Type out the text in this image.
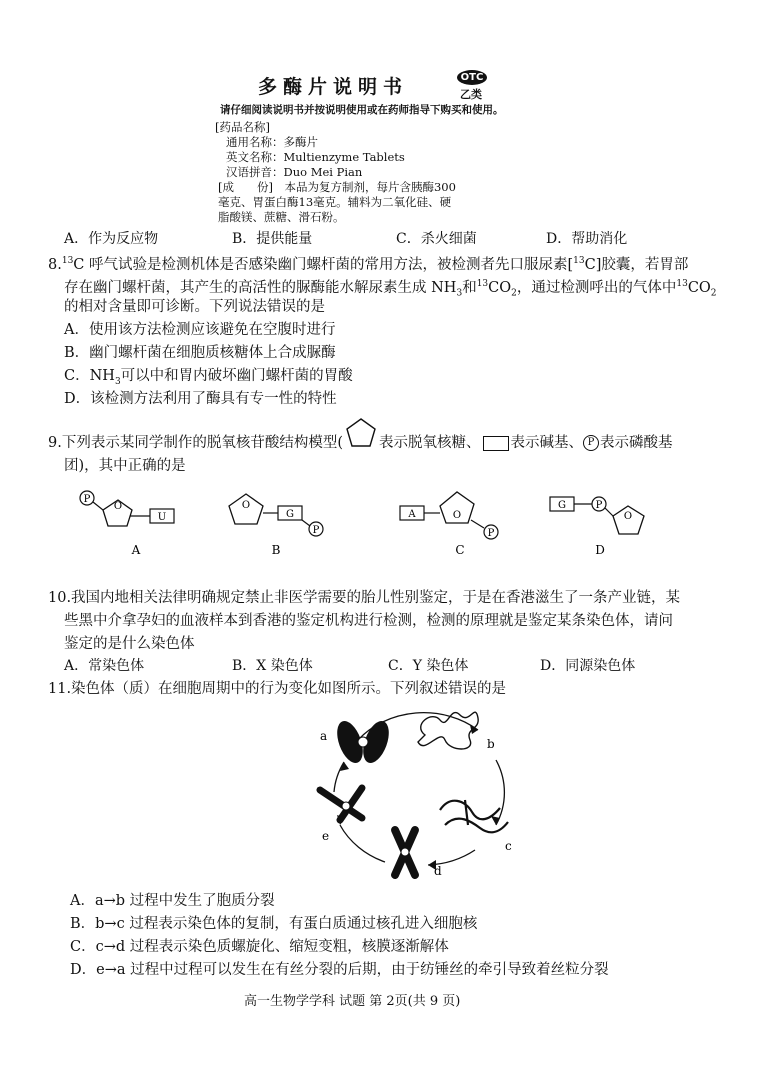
多酶片说明书	OTC
乙类
请仔细阅读说明书并按说明使用或在药师指导下购买和使用。
[药品名称]
通用名称：多酶片
英文名称：Multienzyme Tablets
汉语拼音：Duo Mei Pian
[成　　份]　本品为复方制剂，每片含胰酶300
毫克、胃蛋白酶13毫克。辅料为二氧化硅、硬
脂酸镁、蔗糖、滑石粉。
A．作为反应物	B．提供能量	C．杀火细菌	D．帮助消化
8.13C 呼气试验是检测机体是否感染幽门螺杆菌的常用方法，被检测者先口服尿素[$^{13}$C]胶囊，若胃部
存在幽门螺杆菌，其产生的高活性的脲酶能水解尿素生成 $NH_3$和$^{13}CO_2$，通过检测呼出的气体中$^{13}CO_2$
的相对含量即可诊断。下列说法错误的是
A．使用该方法检测应该避免在空腹时进行
B．幽门螺杆菌在细胞质核糖体上合成脲酶
C．$NH_3$可以中和胃内破坏幽门螺杆菌的胃酸
D．该检测方法利用了酶具有专一性的特性
9.下列表示某同学制作的脱氧核苷酸结构模型( 表示脱氧核糖、 表示碱基、 P 表示磷酸基
团)，其中正确的是
P
O
U
A
O
G
P
B
A	O
P
C
G	P
O
D
10.我国内地相关法律明确规定禁止非医学需要的胎儿性别鉴定，于是在香港滋生了一条产业链，某
些黑中介拿孕妇的血液样本到香港的鉴定机构进行检测，检测的原理就是鉴定某条染色体，请问
鉴定的是什么染色体
A．常染色体	B．X 染色体	C．Y 染色体	D．同源染色体
11.染色体（质）在细胞周期中的行为变化如图所示。下列叙述错误的是
a
b
c
d
e
A．a→b 过程中发生了胞质分裂
B．b→c 过程表示染色体的复制，有蛋白质通过核孔进入细胞核
C．c→d 过程表示染色质螺旋化、缩短变粗，核膜逐渐解体
D．e→a 过程中过程可以发生在有丝分裂的后期，由于纺锤丝的牵引导致着丝粒分裂
高一生物学学科 试题 第 2页(共 9 页)
